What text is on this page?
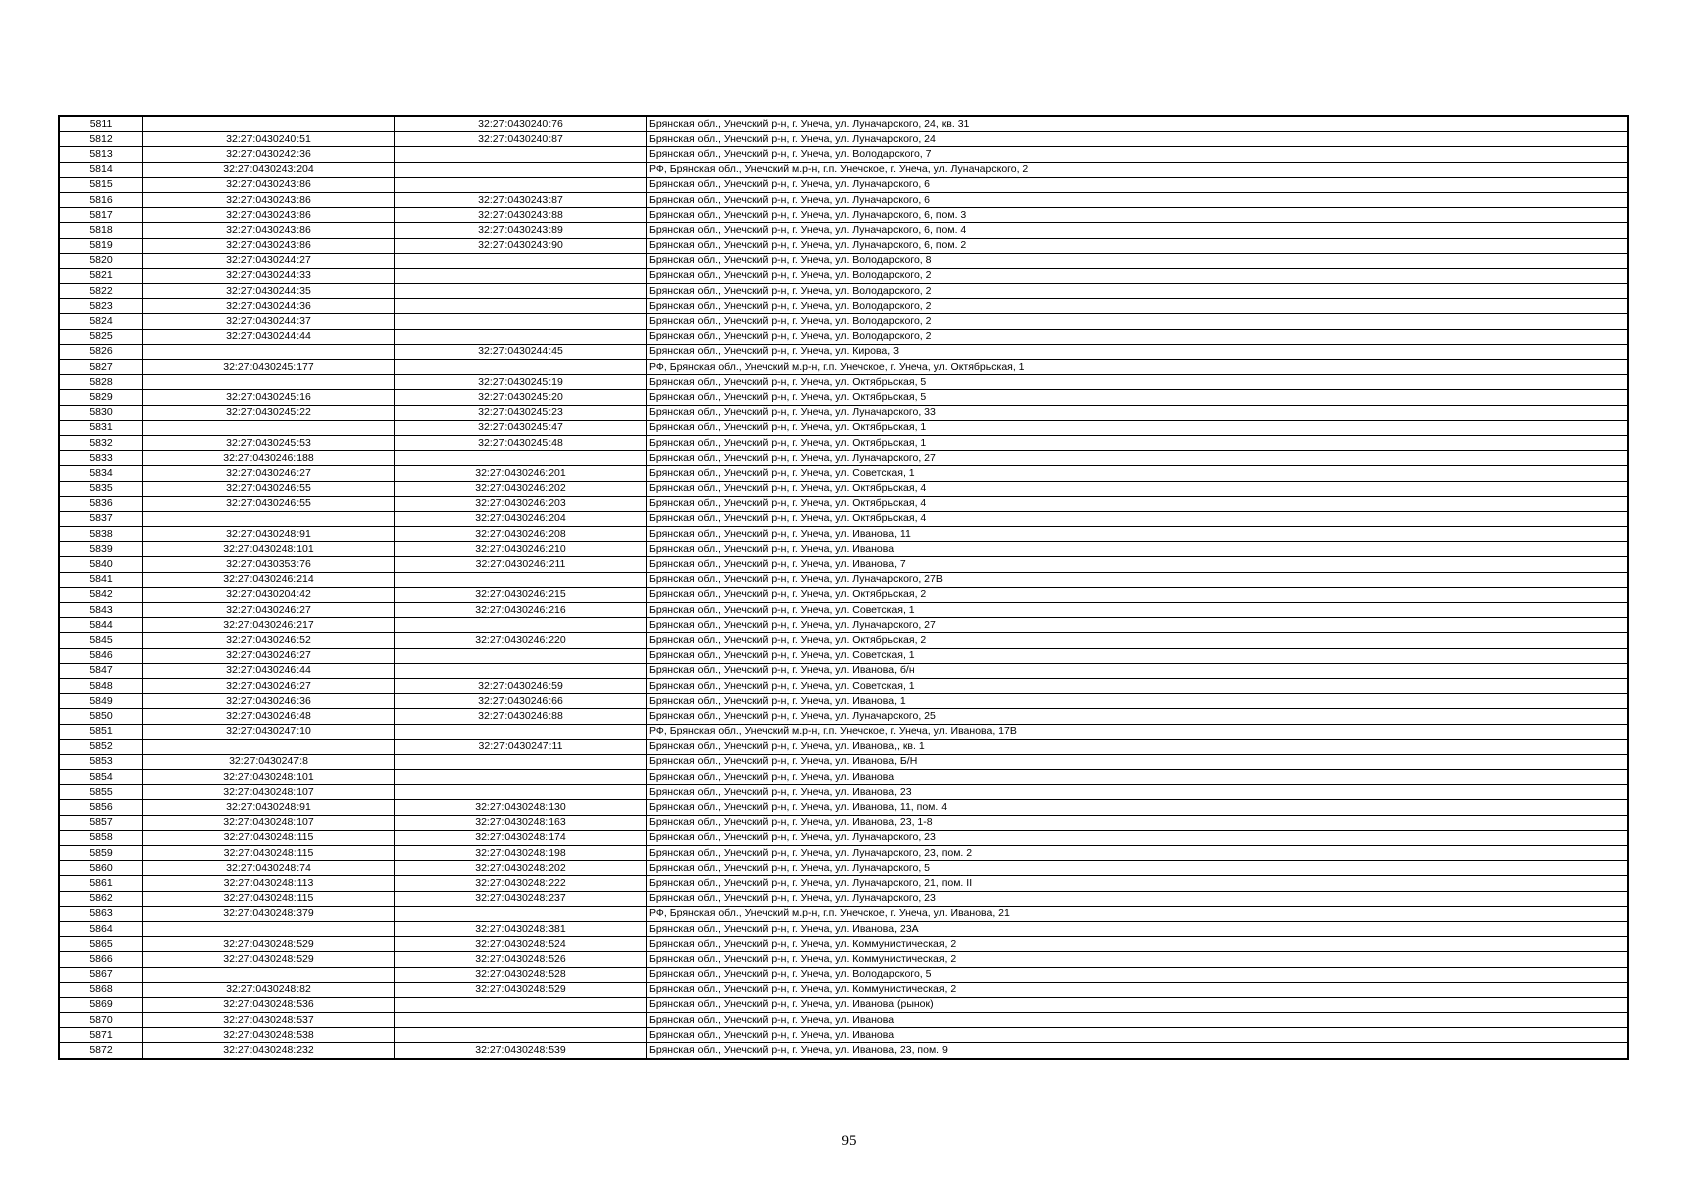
5811		32:27:0430240:76	Брянская обл., Унечский р-н, г. Унеча, ул. Луначарского, 24, кв. 31
5812	32:27:0430240:51	32:27:0430240:87	Брянская обл., Унечский р-н, г. Унеча, ул. Луначарского, 24
5813	32:27:0430242:36		Брянская обл., Унечский р-н, г. Унеча, ул. Володарского, 7
5814	32:27:0430243:204		РФ, Брянская обл., Унечский м.р-н, г.п. Унечское, г. Унеча, ул. Луначарского, 2
5815	32:27:0430243:86		Брянская обл., Унечский р-н, г. Унеча, ул. Луначарского, 6
5816	32:27:0430243:86	32:27:0430243:87	Брянская обл., Унечский р-н, г. Унеча, ул. Луначарского, 6
5817	32:27:0430243:86	32:27:0430243:88	Брянская обл., Унечский р-н, г. Унеча, ул. Луначарского, 6, пом. 3
5818	32:27:0430243:86	32:27:0430243:89	Брянская обл., Унечский р-н, г. Унеча, ул. Луначарского, 6, пом. 4
5819	32:27:0430243:86	32:27:0430243:90	Брянская обл., Унечский р-н, г. Унеча, ул. Луначарского, 6, пом. 2
5820	32:27:0430244:27		Брянская обл., Унечский р-н, г. Унеча, ул. Володарского, 8
5821	32:27:0430244:33		Брянская обл., Унечский р-н, г. Унеча, ул. Володарского, 2
5822	32:27:0430244:35		Брянская обл., Унечский р-н, г. Унеча, ул. Володарского, 2
5823	32:27:0430244:36		Брянская обл., Унечский р-н, г. Унеча, ул. Володарского, 2
5824	32:27:0430244:37		Брянская обл., Унечский р-н, г. Унеча, ул. Володарского, 2
5825	32:27:0430244:44		Брянская обл., Унечский р-н, г. Унеча, ул. Володарского, 2
5826		32:27:0430244:45	Брянская обл., Унечский р-н, г. Унеча, ул. Кирова, 3
5827	32:27:0430245:177		РФ, Брянская обл., Унечский м.р-н, г.п. Унечское, г. Унеча, ул. Октябрьская, 1
5828		32:27:0430245:19	Брянская обл., Унечский р-н, г. Унеча, ул. Октябрьская, 5
5829	32:27:0430245:16	32:27:0430245:20	Брянская обл., Унечский р-н, г. Унеча, ул. Октябрьская, 5
5830	32:27:0430245:22	32:27:0430245:23	Брянская обл., Унечский р-н, г. Унеча, ул. Луначарского, 33
5831		32:27:0430245:47	Брянская обл., Унечский р-н, г. Унеча, ул. Октябрьская, 1
5832	32:27:0430245:53	32:27:0430245:48	Брянская обл., Унечский р-н, г. Унеча, ул. Октябрьская, 1
5833	32:27:0430246:188		Брянская обл., Унечский р-н, г. Унеча, ул. Луначарского, 27
5834	32:27:0430246:27	32:27:0430246:201	Брянская обл., Унечский р-н, г. Унеча, ул. Советская, 1
5835	32:27:0430246:55	32:27:0430246:202	Брянская обл., Унечский р-н, г. Унеча, ул. Октябрьская, 4
5836	32:27:0430246:55	32:27:0430246:203	Брянская обл., Унечский р-н, г. Унеча, ул. Октябрьская, 4
5837		32:27:0430246:204	Брянская обл., Унечский р-н, г. Унеча, ул. Октябрьская, 4
5838	32:27:0430248:91	32:27:0430246:208	Брянская обл., Унечский р-н, г. Унеча, ул. Иванова, 11
5839	32:27:0430248:101	32:27:0430246:210	Брянская обл., Унечский р-н, г. Унеча, ул. Иванова
5840	32:27:0430353:76	32:27:0430246:211	Брянская обл., Унечский р-н, г. Унеча, ул. Иванова, 7
5841	32:27:0430246:214		Брянская обл., Унечский р-н, г. Унеча, ул. Луначарского, 27В
5842	32:27:0430204:42	32:27:0430246:215	Брянская обл., Унечский р-н, г. Унеча, ул. Октябрьская, 2
5843	32:27:0430246:27	32:27:0430246:216	Брянская обл., Унечский р-н, г. Унеча, ул. Советская, 1
5844	32:27:0430246:217		Брянская обл., Унечский р-н, г. Унеча, ул. Луначарского, 27
5845	32:27:0430246:52	32:27:0430246:220	Брянская обл., Унечский р-н, г. Унеча, ул. Октябрьская, 2
5846	32:27:0430246:27		Брянская обл., Унечский р-н, г. Унеча, ул. Советская, 1
5847	32:27:0430246:44		Брянская обл., Унечский р-н, г. Унеча, ул. Иванова, б/н
5848	32:27:0430246:27	32:27:0430246:59	Брянская обл., Унечский р-н, г. Унеча, ул. Советская, 1
5849	32:27:0430246:36	32:27:0430246:66	Брянская обл., Унечский р-н, г. Унеча, ул. Иванова, 1
5850	32:27:0430246:48	32:27:0430246:88	Брянская обл., Унечский р-н, г. Унеча, ул. Луначарского, 25
5851	32:27:0430247:10		РФ, Брянская обл., Унечский м.р-н, г.п. Унечское, г. Унеча, ул. Иванова, 17В
5852		32:27:0430247:11	Брянская обл., Унечский р-н, г. Унеча, ул. Иванова,, кв. 1
5853	32:27:0430247:8		Брянская обл., Унечский р-н, г. Унеча, ул. Иванова, Б/Н
5854	32:27:0430248:101		Брянская обл., Унечский р-н, г. Унеча, ул. Иванова
5855	32:27:0430248:107		Брянская обл., Унечский р-н, г. Унеча, ул. Иванова, 23
5856	32:27:0430248:91	32:27:0430248:130	Брянская обл., Унечский р-н, г. Унеча, ул. Иванова, 11, пом. 4
5857	32:27:0430248:107	32:27:0430248:163	Брянская обл., Унечский р-н, г. Унеча, ул. Иванова, 23, 1-8
5858	32:27:0430248:115	32:27:0430248:174	Брянская обл., Унечский р-н, г. Унеча, ул. Луначарского, 23
5859	32:27:0430248:115	32:27:0430248:198	Брянская обл., Унечский р-н, г. Унеча, ул. Луначарского, 23, пом. 2
5860	32:27:0430248:74	32:27:0430248:202	Брянская обл., Унечский р-н, г. Унеча, ул. Луначарского, 5
5861	32:27:0430248:113	32:27:0430248:222	Брянская обл., Унечский р-н, г. Унеча, ул. Луначарского, 21, пом. II
5862	32:27:0430248:115	32:27:0430248:237	Брянская обл., Унечский р-н, г. Унеча, ул. Луначарского, 23
5863	32:27:0430248:379		РФ, Брянская обл., Унечский м.р-н, г.п. Унечское, г. Унеча, ул. Иванова, 21
5864		32:27:0430248:381	Брянская обл., Унечский р-н, г. Унеча, ул. Иванова, 23А
5865	32:27:0430248:529	32:27:0430248:524	Брянская обл., Унечский р-н, г. Унеча, ул. Коммунистическая, 2
5866	32:27:0430248:529	32:27:0430248:526	Брянская обл., Унечский р-н, г. Унеча, ул. Коммунистическая, 2
5867		32:27:0430248:528	Брянская обл., Унечский р-н, г. Унеча, ул. Володарского, 5
5868	32:27:0430248:82	32:27:0430248:529	Брянская обл., Унечский р-н, г. Унеча, ул. Коммунистическая, 2
5869	32:27:0430248:536		Брянская обл., Унечский р-н, г. Унеча, ул. Иванова (рынок)
5870	32:27:0430248:537		Брянская обл., Унечский р-н, г. Унеча, ул. Иванова
5871	32:27:0430248:538		Брянская обл., Унечский р-н, г. Унеча, ул. Иванова
5872	32:27:0430248:232	32:27:0430248:539	Брянская обл., Унечский р-н, г. Унеча, ул. Иванова, 23, пом. 9
95
